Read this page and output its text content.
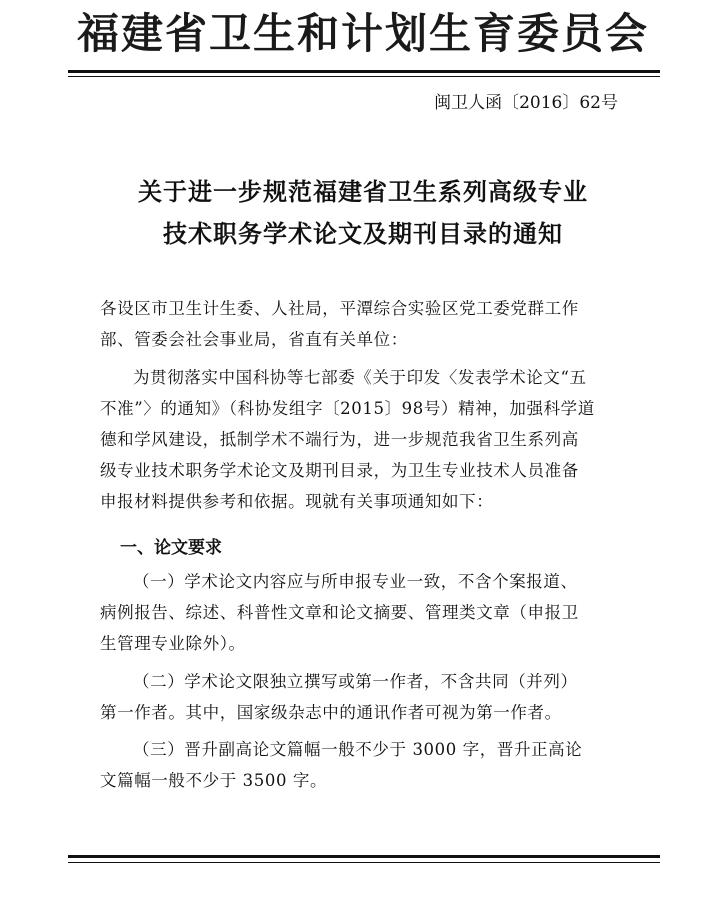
福建省卫生和计划生育委员会
闽卫人函〔2016〕62号
关于进一步规范福建省卫生系列高级专业
技术职务学术论文及期刊目录的通知
各设区市卫生计生委、人社局，平潭综合实验区党工委党群工作
部、管委会社会事业局，省直有关单位：
为贯彻落实中国科协等七部委《关于印发〈发表学术论文“五
不准”〉的通知》（科协发组字〔2015〕98号）精神，加强科学道
德和学风建设，抵制学术不端行为，进一步规范我省卫生系列高
级专业技术职务学术论文及期刊目录，为卫生专业技术人员准备
申报材料提供参考和依据。现就有关事项通知如下：
一、论文要求
（一）学术论文内容应与所申报专业一致，不含个案报道、
病例报告、综述、科普性文章和论文摘要、管理类文章（申报卫
生管理专业除外）。
（二）学术论文限独立撰写或第一作者，不含共同（并列）
第一作者。其中，国家级杂志中的通讯作者可视为第一作者。
（三）晋升副高论文篇幅一般不少于 3000 字，晋升正高论
文篇幅一般不少于 3500 字。
